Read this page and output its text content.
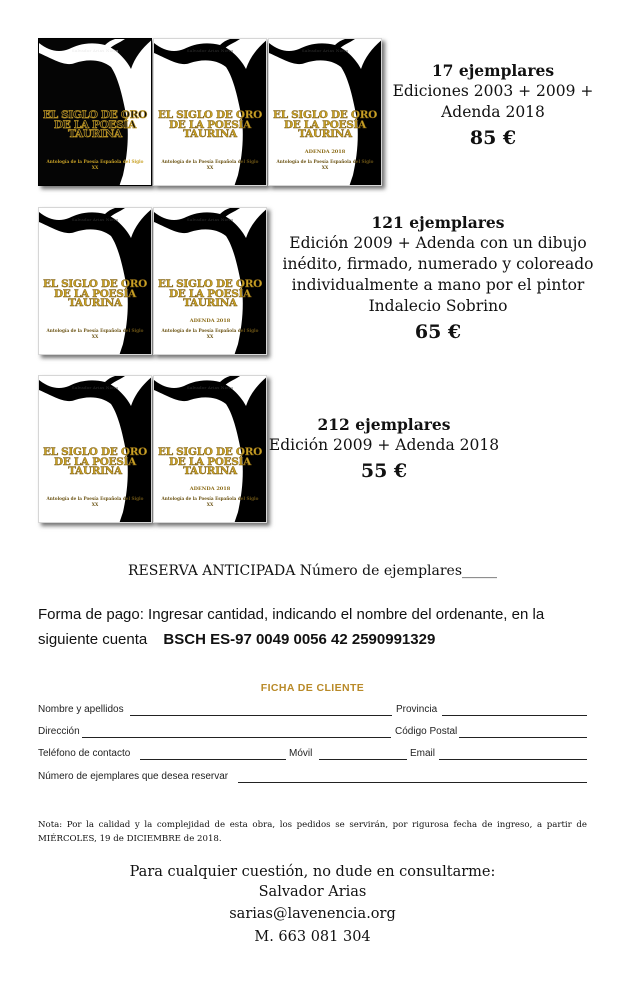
Salvador Arias Nieto
EL SIGLO DE ORO DE LA POESÍA TAURINA
Antología de la Poesía Española del Siglo XX
Salvador Arias Nieto
EL SIGLO DE ORO DE LA POESÍA TAURINA
Antología de la Poesía Española del Siglo XX
Salvador Arias Nieto
EL SIGLO DE ORO DE LA POESÍA TAURINA
ADENDA 2018
Antología de la Poesía Española del Siglo XX
Salvador Arias Nieto
EL SIGLO DE ORO DE LA POESÍA TAURINA
Antología de la Poesía Española del Siglo XX
Salvador Arias Nieto
EL SIGLO DE ORO DE LA POESÍA TAURINA
ADENDA 2018
Antología de la Poesía Española del Siglo XX
Salvador Arias Nieto
EL SIGLO DE ORO DE LA POESÍA TAURINA
Antología de la Poesía Española del Siglo XX
Salvador Arias Nieto
EL SIGLO DE ORO DE LA POESÍA TAURINA
ADENDA 2018
Antología de la Poesía Española del Siglo XX
17 ejemplares
Ediciones 2003 + 2009 +
Adenda 2018
85 €
121 ejemplares
Edición 2009 + Adenda con un dibujo
inédito, firmado, numerado y coloreado
individualmente a mano por el pintor
Indalecio Sobrino
65 €
212 ejemplares
Edición 2009 + Adenda 2018
55 €
RESERVA ANTICIPADA Número de ejemplares_____
Forma de pago: Ingresar cantidad, indicando el nombre del ordenante, en la siguiente cuenta BSCH ES-97 0049 0056 42 2590991329
FICHA DE CLIENTE
Nombre y apellidos	Provincia
Dirección	Código Postal
Teléfono de contacto	Móvil	Email
Número de ejemplares que desea reservar
Nota: Por la calidad y la complejidad de esta obra, los pedidos se servirán, por rigurosa fecha de ingreso, a partir de MIÉRCOLES, 19 de DICIEMBRE de 2018.
Para cualquier cuestión, no dude en consultarme:
Salvador Arias
sarias@lavenencia.org
M. 663 081 304
